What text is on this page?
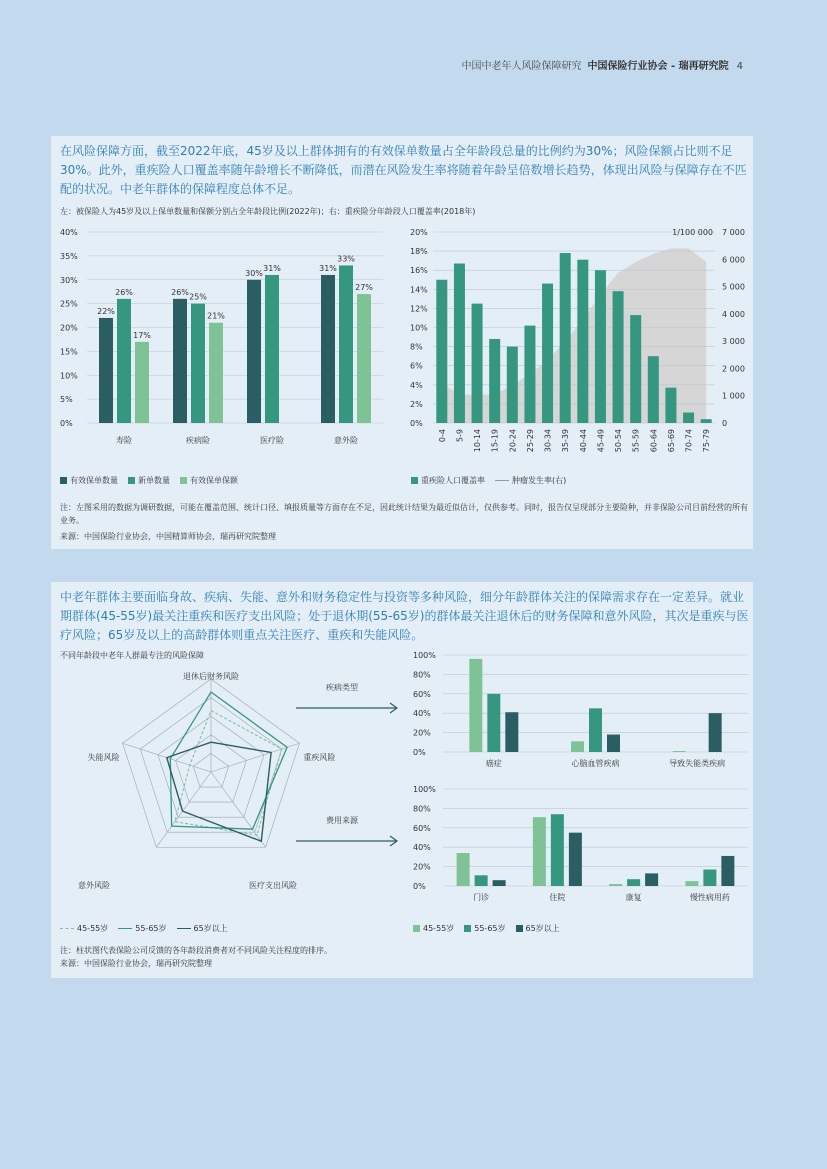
中国中老年人风险保障研究 中国保险行业协会 - 瑞再研究院 4
在风险保障方面，截至2022年底，45岁及以上群体拥有的有效保单数量占全年龄段总量的比例约为30%；风险保额占比则不足30%。此外，重疾险人口覆盖率随年龄增长不断降低，而潜在风险发生率将随着年龄呈倍数增长趋势，体现出风险与保障存在不匹配的状况。中老年群体的保障程度总体不足。
左：被保险人为45岁及以上保单数量和保额分别占全年龄段比例(2022年)；右：重疾险分年龄段人口覆盖率(2018年)
0%
5%
10%
15%
20%
25%
30%
35%
40%
寿险
22%
26%
17%
疾病险
26%
25%
21%
医疗险
30%
31%
意外险
31%
33%
27%
0%
2%
4%
6%
8%
10%
12%
14%
16%
18%
20%
0
1 000
2 000
3 000
4 000
5 000
6 000
7 000
1/100 000
0-4 5-9 10-14 15-19 20-24 25-29 30-34 35-39 40-44 45-49 50-54 55-59 60-64 65-69 70-74 75-79
有效保单数量	新单数量	有效保单保额	重疾险人口覆盖率	肿瘤发生率(右)
注：左图采用的数据为调研数据，可能在覆盖范围、统计口径、填报质量等方面存在不足，因此统计结果为最近似估计，仅供参考。同时，报告仅呈现部分主要险种，并非保险公司目前经营的所有业务。
来源：中国保险行业协会，中国精算师协会，瑞再研究院整理
中老年群体主要面临身故、疾病、失能、意外和财务稳定性与投资等多种风险，细分年龄群体关注的保障需求存在一定差异。就业期群体(45-55岁)最关注重疾和医疗支出风险；处于退休期(55-65岁)的群体最关注退休后的财务保障和意外风险，其次是重疾与医疗风险；65岁及以上的高龄群体则重点关注医疗、重疾和失能风险。
不同年龄段中老年人群最专注的风险保障
退休后财务风险
重疾风险
医疗支出风险
意外风险
失能风险
疾病类型
费用来源
0%
20%
40%
60%
80%
100%
癌症	心脑血管疾病	导致失能类疾病
0%
20%
40%
60%
80%
100%
门诊	住院	康复	慢性病用药
45-55岁	55-65岁	65岁以上	45-55岁	55-65岁	65岁以上
注：柱状图代表保险公司反馈的各年龄段消费者对不同风险关注程度的排序。
来源：中国保险行业协会，瑞再研究院整理
